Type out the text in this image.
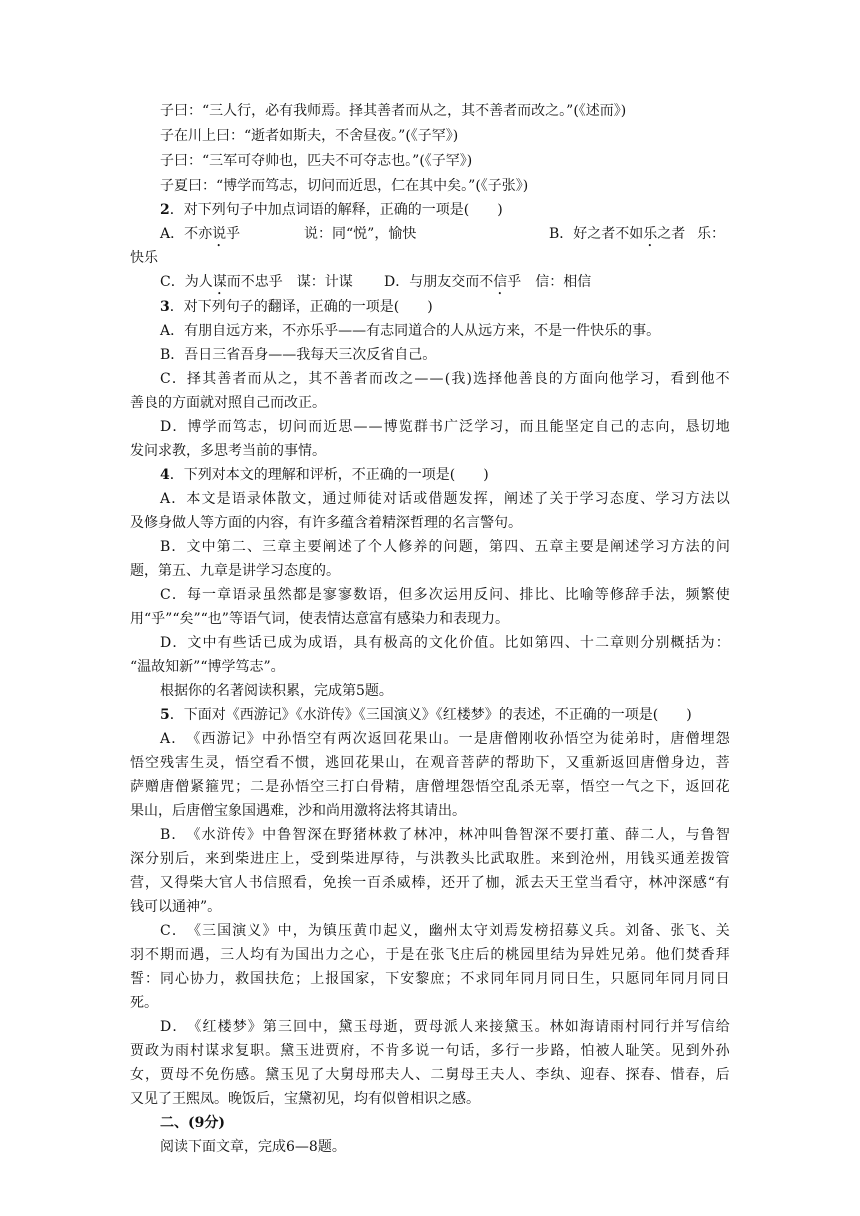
子曰：“三人行，必有我师焉。择其善者而从之，其不善者而改之。”(《述而》)
子在川上曰：“逝者如斯夫，不舍昼夜。”(《子罕》)
子曰：“三军可夺帅也，匹夫不可夺志也。”(《子罕》)
子夏曰：“博学而笃志，切问而近思，仁在其中矣。”(《子张》)
2．对下列句子中加点词语的解释，正确的一项是(　　)
A．不亦说乎	说：同“悦”，愉快	B．好之者不如乐之者 乐：
快乐
C．为人谋而不忠乎　谋：计谋 D．与朋友交而不信乎　信：相信
3．对下列句子的翻译，正确的一项是(　　)
A．有朋自远方来，不亦乐乎——有志同道合的人从远方来，不是一件快乐的事。
B．吾日三省吾身——我每天三次反省自己。
C ． 择 其 善 者 而 从 之 ， 其 不 善 者 而 改 之 — — ( 我 ) 选 择 他 善 良 的 方 面 向 他 学 习 ， 看 到 他 不
善良的方面就对照自己而改正。
D ． 博 学 而 笃 志 ， 切 问 而 近 思 — — 博 览 群 书 广 泛 学 习 ， 而 且 能 坚 定 自 己 的 志 向 ， 恳 切 地
发问求教，多思考当前的事情。
4．下列对本文的理解和评析，不正确的一项是(　　)
A ． 本 文 是 语 录 体 散 文 ， 通 过 师 徒 对 话 或 借 题 发 挥 ， 阐 述 了 关 于 学 习 态 度 、 学 习 方 法 以
及修身做人等方面的内容，有许多蕴含着精深哲理的名言警句。
B ． 文 中 第 二 、 三 章 主 要 阐 述 了 个 人 修 养 的 问 题 ， 第 四 、 五 章 主 要 是 阐 述 学 习 方 法 的 问
题，第五、九章是讲学习态度的。
C ． 每 一 章 语 录 虽 然 都 是 寥 寥 数 语 ， 但 多 次 运 用 反 问 、 排 比 、 比 喻 等 修 辞 手 法 ， 频 繁 使
用“乎”“矣”“也”等语气词，使表情达意富有感染力和表现力。
D ． 文 中 有 些 话 已 成 为 成 语 ， 具 有 极 高 的 文 化 价 值 。 比 如 第 四 、 十 二 章 则 分 别 概 括 为 ：
“温故知新”“博学笃志”。
根据你的名著阅读积累，完成第5题。
5．下面对《西游记》《水浒传》《三国演义》《红楼梦》的表述，不正确的一项是(　　)
A ． 《 西 游 记 》 中 孙 悟 空 有 两 次 返 回 花 果 山 。 一 是 唐 僧 刚 收 孙 悟 空 为 徒 弟 时 ， 唐 僧 埋 怨
悟 空 残 害 生 灵 ， 悟 空 看 不 惯 ， 逃 回 花 果 山 ， 在 观 音 菩 萨 的 帮 助 下 ， 又 重 新 返 回 唐 僧 身 边 ， 菩
萨 赠 唐 僧 紧 箍 咒 ； 二 是 孙 悟 空 三 打 白 骨 精 ， 唐 僧 埋 怨 悟 空 乱 杀 无 辜 ， 悟 空 一 气 之 下 ， 返 回 花
果山，后唐僧宝象国遇难，沙和尚用激将法将其请出。
B ． 《 水 浒 传 》 中 鲁 智 深 在 野 猪 林 救 了 林 冲 ， 林 冲 叫 鲁 智 深 不 要 打 董 、 薛 二 人 ， 与 鲁 智
深 分 别 后 ， 来 到 柴 进 庄 上 ， 受 到 柴 进 厚 待 ， 与 洪 教 头 比 武 取 胜 。 来 到 沧 州 ， 用 钱 买 通 差 拨 管
营 ， 又 得 柴 大 官 人 书 信 照 看 ， 免 挨 一 百 杀 威 棒 ， 还 开 了 枷 ， 派 去 天 王 堂 当 看 守 ， 林 冲 深 感 “ 有
钱可以通神”。
C ． 《 三 国 演 义 》 中 ， 为 镇 压 黄 巾 起 义 ， 幽 州 太 守 刘 焉 发 榜 招 募 义 兵 。 刘 备 、 张 飞 、 关
羽 不 期 而 遇 ， 三 人 均 有 为 国 出 力 之 心 ， 于 是 在 张 飞 庄 后 的 桃 园 里 结 为 异 姓 兄 弟 。 他 们 焚 香 拜
誓 ： 同 心 协 力 ， 救 国 扶 危 ； 上 报 国 家 ， 下 安 黎 庶 ； 不 求 同 年 同 月 同 日 生 ， 只 愿 同 年 同 月 同 日
死。
D ． 《 红 楼 梦 》 第 三 回 中 ， 黛 玉 母 逝 ， 贾 母 派 人 来 接 黛 玉 。 林 如 海 请 雨 村 同 行 并 写 信 给
贾 政 为 雨 村 谋 求 复 职 。 黛 玉 进 贾 府 ， 不 肯 多 说 一 句 话 ， 多 行 一 步 路 ， 怕 被 人 耻 笑 。 见 到 外 孙
女 ， 贾 母 不 免 伤 感 。 黛 玉 见 了 大 舅 母 邢 夫 人 、 二 舅 母 王 夫 人 、 李 纨 、 迎 春 、 探 春 、 惜 春 ， 后
又见了王熙凤。晚饭后，宝黛初见，均有似曾相识之感。
二、(9分)
阅读下面文章，完成6—8题。
